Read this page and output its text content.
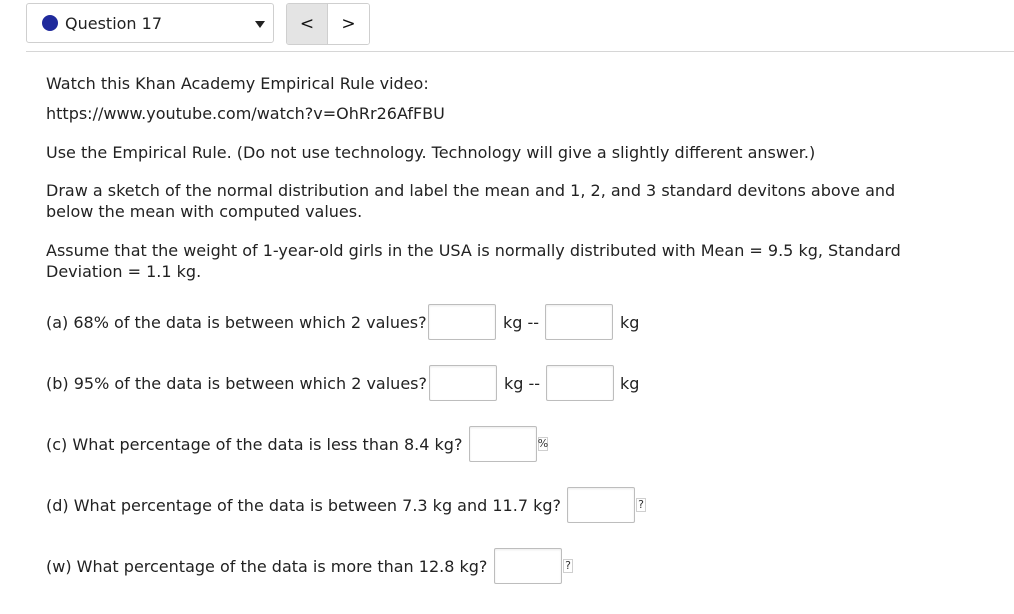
Question 17	<	>
Watch this Khan Academy Empirical Rule video:
https://www.youtube.com/watch?v=OhRr26AfFBU
Use the Empirical Rule. (Do not use technology. Technology will give a slightly different answer.)
Draw a sketch of the normal distribution and label the mean and 1, 2, and 3 standard devitons above and below the mean with computed values.
Assume that the weight of 1-year-old girls in the USA is normally distributed with Mean = 9.5 kg, Standard Deviation = 1.1 kg.
(a) 68% of the data is between which 2 values?	kg --	kg
(b) 95% of the data is between which 2 values?	kg --	kg
(c) What percentage of the data is less than 8.4 kg?	%
(d) What percentage of the data is between 7.3 kg and 11.7 kg?	?
(w) What percentage of the data is more than 12.8 kg?	?
